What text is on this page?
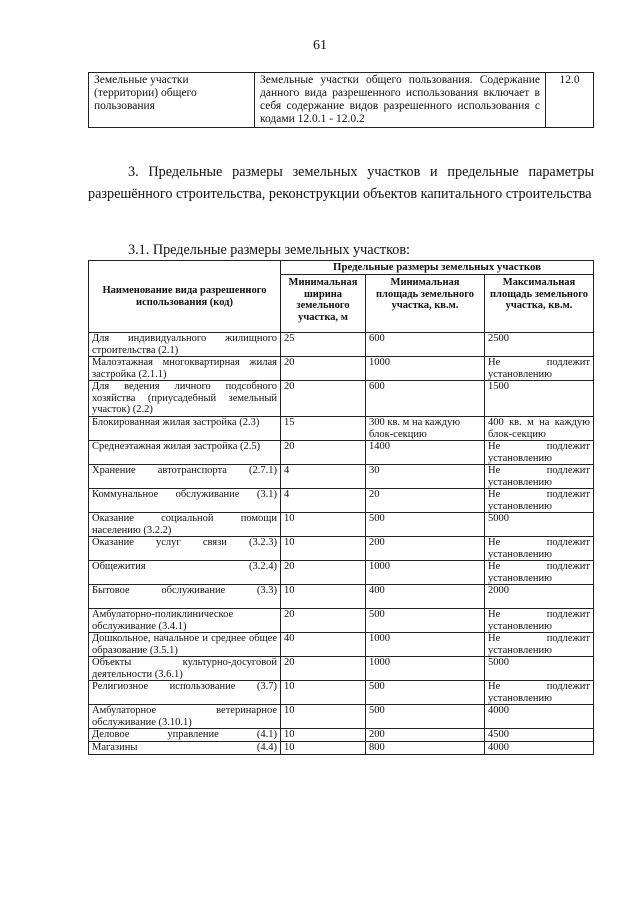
61
Земельные участки (территории) общего пользования	Земельные участки общего пользования. Содержание данного вида разрешенного использования включает в себя содержание видов разрешенного использования с кодами 12.0.1 - 12.0.2	12.0
3. Предельные размеры земельных участков и предельные параметры разрешённого строительства, реконструкции объектов капитального строительства
3.1. Предельные размеры земельных участков:
Наименование вида разрешенного использования (код)	Предельные размеры земельных участков		
	Минимальная ширина земельного участка, м	Минимальная площадь земельного участка, кв.м.	Максимальная площадь земельного участка, кв.м.
Для индивидуального жилищного строительства (2.1)	25	600	2500
Малоэтажная многоквартирная жилая застройка (2.1.1)	20	1000	Не подлежит установлению
Для ведения личного подсобного хозяйства (приусадебный земельный участок) (2.2)	20	600	1500
Блокированная жилая застройка (2.3)	15	300 кв. м на каждую блок-секцию	400 кв. м на каждую блок-секцию
Среднеэтажная жилая застройка (2.5)	20	1400	Не подлежит установлению
Хранение автотранспорта (2.7.1)	4	30	Не подлежит установлению
Коммунальное обслуживание (3.1)	4	20	Не подлежит установлению
Оказание социальной помощи населению (3.2.2)	10	500	5000
Оказание услуг связи (3.2.3)	10	200	Не подлежит установлению
Общежития (3.2.4)	20	1000	Не подлежит установлению
Бытовое обслуживание (3.3)	10	400	2000
Амбулаторно-поликлиническое обслуживание (3.4.1)	20	500	Не подлежит установлению
Дошкольное, начальное и среднее общее образование (3.5.1)	40	1000	Не подлежит установлению
Объекты культурно-досуговой деятельности (3.6.1)	20	1000	5000
Религиозное использование (3.7)	10	500	Не подлежит установлению
Амбулаторное ветеринарное обслуживание (3.10.1)	10	500	4000
Деловое управление (4.1)	10	200	4500
Магазины (4.4)	10	800	4000
